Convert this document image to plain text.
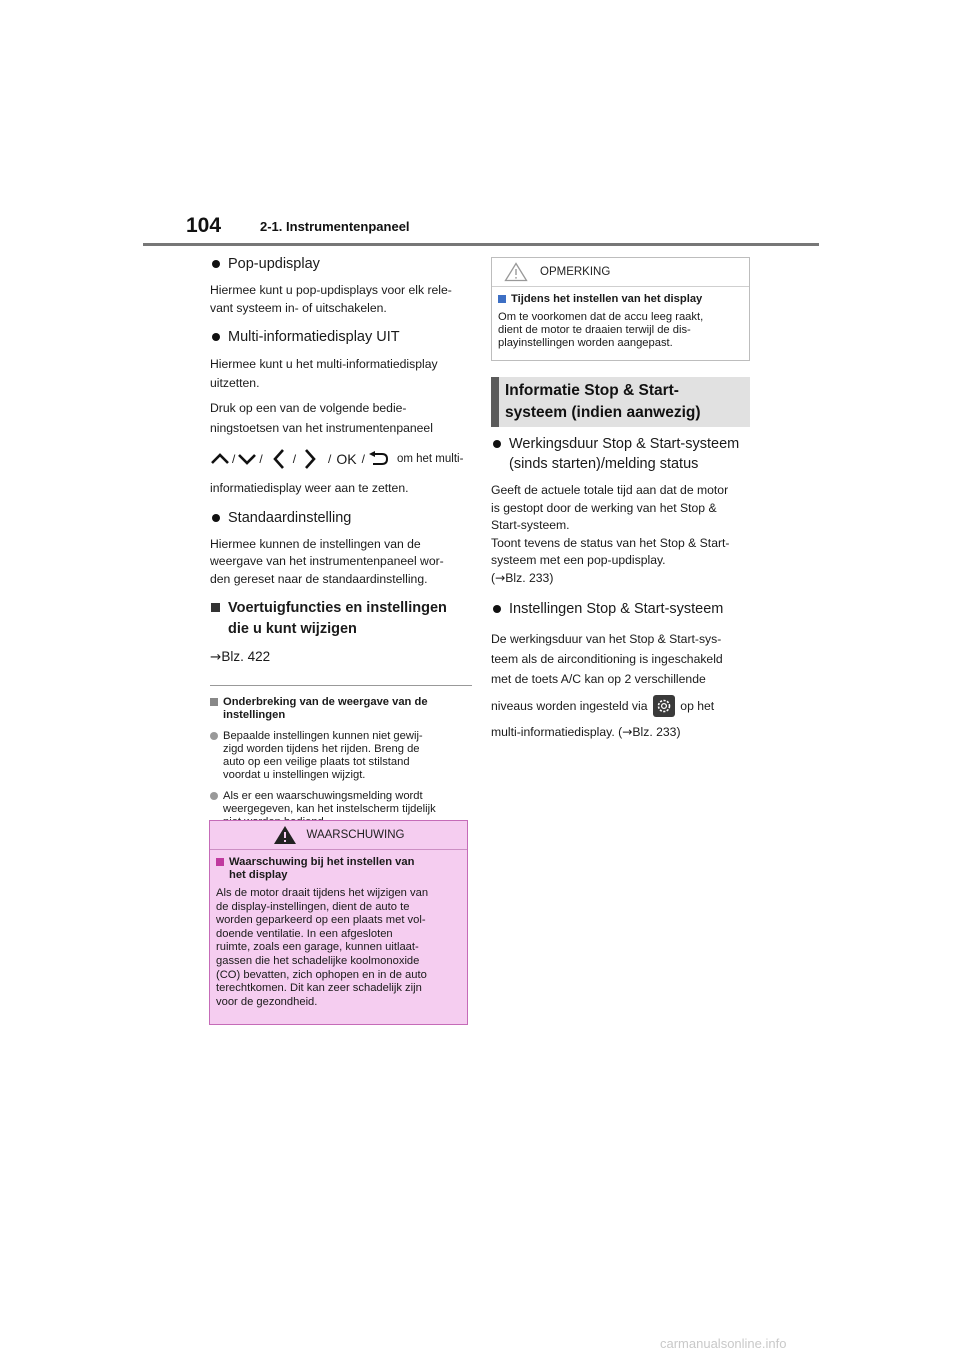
104	2-1. Instrumentenpaneel

Pop-updisplay

Hiermee kunt u pop-updisplays voor elk rele-
vant systeem in- of uitschakelen.

Multi-informatiedisplay UIT

Hiermee kunt u het multi-informatiedisplay
uitzetten.

Druk op een van de volgende bedie-
ningstoetsen van het instrumentenpaneel

/ /	/	/ OK /	om het multi-

informatiedisplay weer aan te zetten.

Standaardinstelling

Hiermee kunnen de instellingen van de
weergave van het instrumentenpaneel wor-
den gereset naar de standaardinstelling.

Voertuigfuncties en instellingen
die u kunt wijzigen

→Blz. 422

Onderbreking van de weergave van de
instellingen

Bepaalde instellingen kunnen niet gewij-
zigd worden tijdens het rijden. Breng de
auto op een veilige plaats tot stilstand
voordat u instellingen wijzigt.

Als er een waarschuwingsmelding wordt
weergegeven, kan het instelscherm tijdelijk

WAARSCHUWING

Waarschuwing bij het instellen van
het display

Als de motor draait tijdens het wijzigen van
de display-instellingen, dient de auto te
worden geparkeerd op een plaats met vol-
doende ventilatie. In een afgesloten
ruimte, zoals een garage, kunnen uitlaat-
gassen die het schadelijke koolmonoxide
(CO) bevatten, zich ophopen en in de auto
terechtkomen. Dit kan zeer schadelijk zijn
voor de gezondheid.

OPMERKING

Tijdens het instellen van het display

Om te voorkomen dat de accu leeg raakt,
dient de motor te draaien terwijl de dis-
playinstellingen worden aangepast.

Informatie Stop & Start-
systeem (indien aanwezig)

Werkingsduur Stop & Start-systeem
(sinds starten)/melding status

Geeft de actuele totale tijd aan dat de motor
is gestopt door de werking van het Stop &
Start-systeem.
Toont tevens de status van het Stop & Start-
systeem met een pop-updisplay.

(→Blz. 233)

Instellingen Stop & Start-systeem

De werkingsduur van het Stop & Start-sys-
teem als de airconditioning is ingeschakeld
met de toets A/C kan op 2 verschillende

niveaus worden ingesteld via	op het

multi-informatiedisplay. (→Blz. 233)

carmanualsonline.info
